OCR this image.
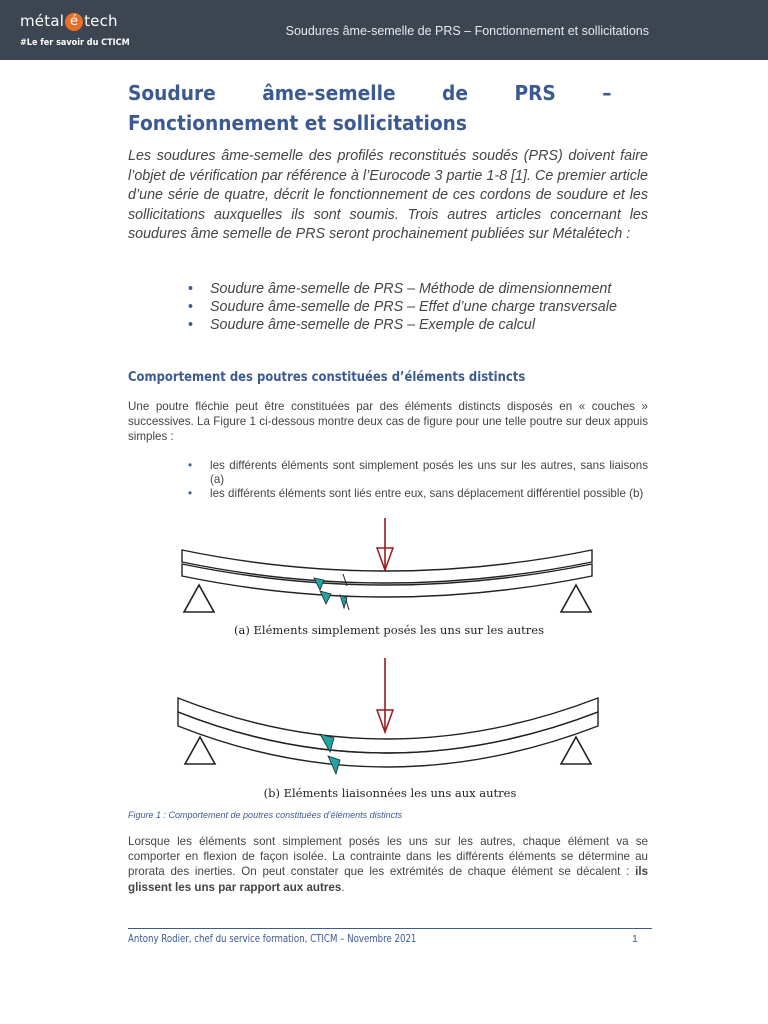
métal é tech
#Le fer savoir du CTICM
Soudures âme-semelle de PRS – Fonctionnement et sollicitations
Soudure âme-semelle de PRS – Fonctionnement et sollicitations

Les soudures âme-semelle des profilés reconstitués soudés (PRS) doivent faire l’objet de vérification par référence à l’Eurocode 3 partie 1-8 [1]. Ce premier article d’une série de quatre, décrit le fonctionnement de ces cordons de soudure et les sollicitations auxquelles ils sont soumis. Trois autres articles concernant les soudures âme semelle de PRS seront prochainement publiées sur Métalétech :

• Soudure âme-semelle de PRS – Méthode de dimensionnement
• Soudure âme-semelle de PRS – Effet d’une charge transversale
• Soudure âme-semelle de PRS – Exemple de calcul
Comportement des poutres constituées d’éléments distincts

Une poutre fléchie peut être constituées par des éléments distincts disposés en « couches » successives. La Figure 1 ci-dessous montre deux cas de figure pour une telle poutre sur deux appuis simples :

• les différents éléments sont simplement posés les uns sur les autres, sans liaisons (a)
• les différents éléments sont liés entre eux, sans déplacement différentiel possible (b)
(a) Eléments simplement posés les uns sur les autres
(b) Eléments liaisonnées les uns aux autres
Figure 1 : Comportement de poutres constituées d’éléments distincts

Lorsque les éléments sont simplement posés les uns sur les autres, chaque élément va se comporter en flexion de façon isolée. La contrainte dans les différents éléments se détermine au prorata des inerties. On peut constater que les extrémités de chaque élément se décalent : ils glissent les uns par rapport aux autres.

Antony Rodier, chef du service formation, CTICM – Novembre 2021	1
